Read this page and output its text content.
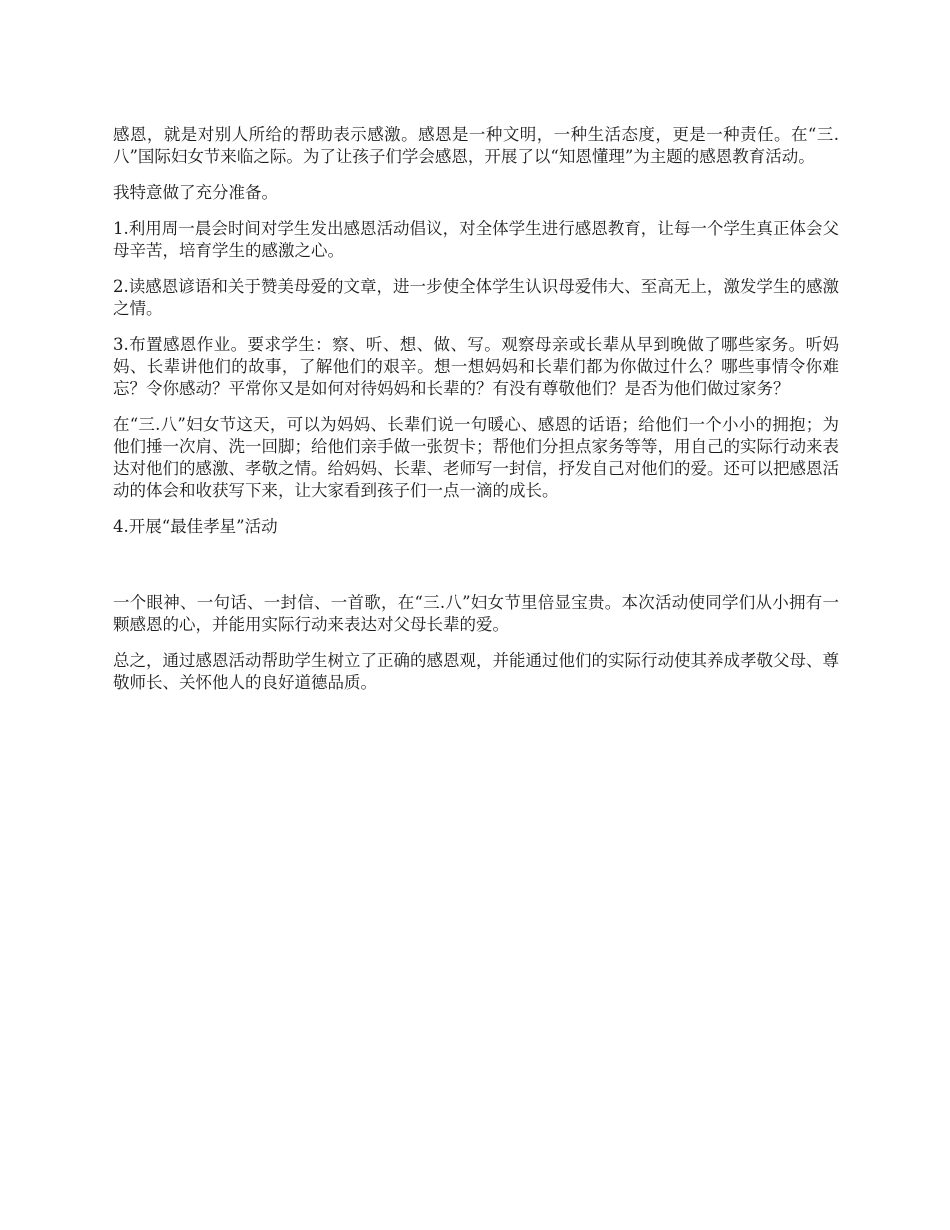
感恩，就是对别人所给的帮助表示感激。感恩是一种文明，一种生活态度，更是一种责任。在“三.八”国际妇女节来临之际。为了让孩子们学会感恩，开展了以“知恩懂理”为主题的感恩教育活动。

我特意做了充分准备。

1.利用周一晨会时间对学生发出感恩活动倡议，对全体学生进行感恩教育，让每一个学生真正体会父母辛苦，培育学生的感激之心。

2.读感恩谚语和关于赞美母爱的文章，进一步使全体学生认识母爱伟大、至高无上，激发学生的感激之情。

3.布置感恩作业。要求学生：察、听、想、做、写。观察母亲或长辈从早到晚做了哪些家务。听妈妈、长辈讲他们的故事，了解他们的艰辛。想一想妈妈和长辈们都为你做过什么？哪些事情令你难忘？令你感动？平常你又是如何对待妈妈和长辈的？有没有尊敬他们？是否为他们做过家务？

在“三.八”妇女节这天，可以为妈妈、长辈们说一句暖心、感恩的话语；给他们一个小小的拥抱；为他们捶一次肩、洗一回脚；给他们亲手做一张贺卡；帮他们分担点家务等等，用自己的实际行动来表达对他们的感激、孝敬之情。给妈妈、长辈、老师写一封信，抒发自己对他们的爱。还可以把感恩活动的体会和收获写下来，让大家看到孩子们一点一滴的成长。

4.开展“最佳孝星”活动

一个眼神、一句话、一封信、一首歌，在“三.八”妇女节里倍显宝贵。本次活动使同学们从小拥有一颗感恩的心，并能用实际行动来表达对父母长辈的爱。

总之，通过感恩活动帮助学生树立了正确的感恩观，并能通过他们的实际行动使其养成孝敬父母、尊敬师长、关怀他人的良好道德品质。
